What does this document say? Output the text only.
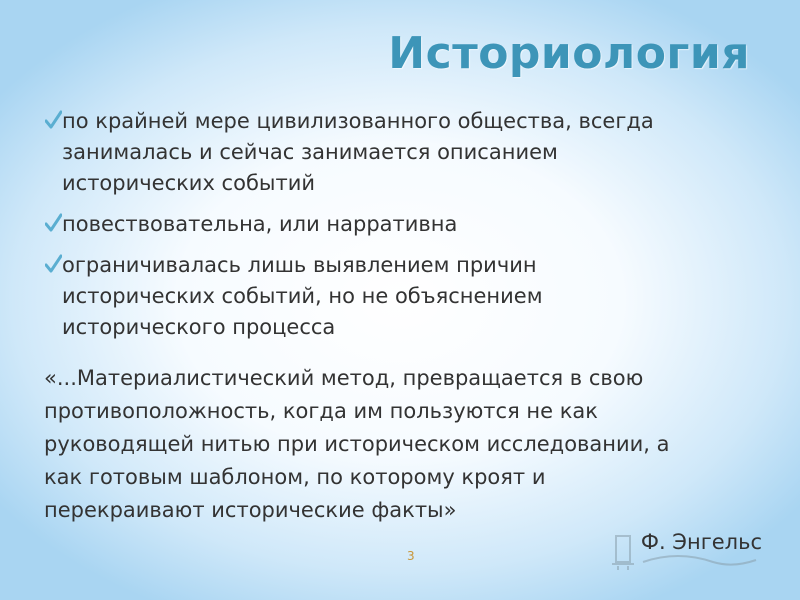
Историология
по крайней мере цивилизованного общества, всегда
занималась и сейчас занимается описанием
исторических событий
повествовательна, или нарративна
ограничивалась лишь выявлением причин
исторических событий, но не объяснением
исторического процесса

«...Материалистический метод, превращается в свою
противоположность, когда им пользуются не как
руководящей нитью при историческом исследовании, а
как готовым шаблоном, по которому кроят и
перекраивают исторические факты»

Ф. Энгельс
3
